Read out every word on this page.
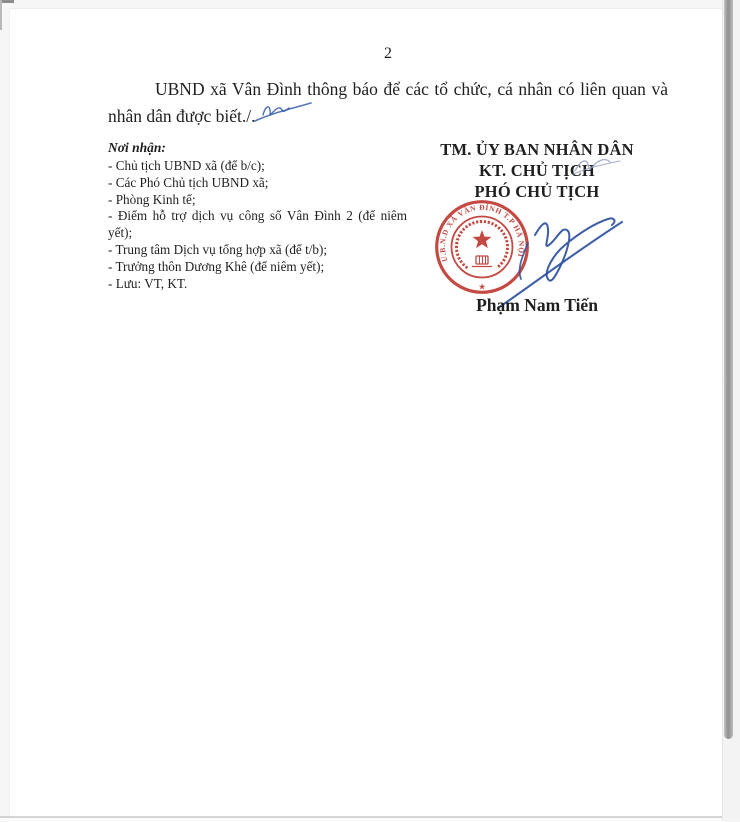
2
UBND xã Vân Đình thông báo để các tổ chức, cá nhân có liên quan và
nhân dân được biết./.
Nơi nhận:
- Chủ tịch UBND xã (để b/c);
- Các Phó Chủ tịch UBND xã;
- Phòng Kinh tế;
- Điểm hỗ trợ dịch vụ công số Vân Đình 2 (để niêm yết);
- Trung tâm Dịch vụ tổng hợp xã (để t/b);
- Trưởng thôn Dương Khê (để niêm yết);
- Lưu: VT, KT.
TM. ỦY BAN NHÂN DÂN
KT. CHỦ TỊCH
PHÓ CHỦ TỊCH
U.B.N.D XÃ VÂN ĐÌNH T.P HÀ NỘI
★
Phạm Nam Tiến
